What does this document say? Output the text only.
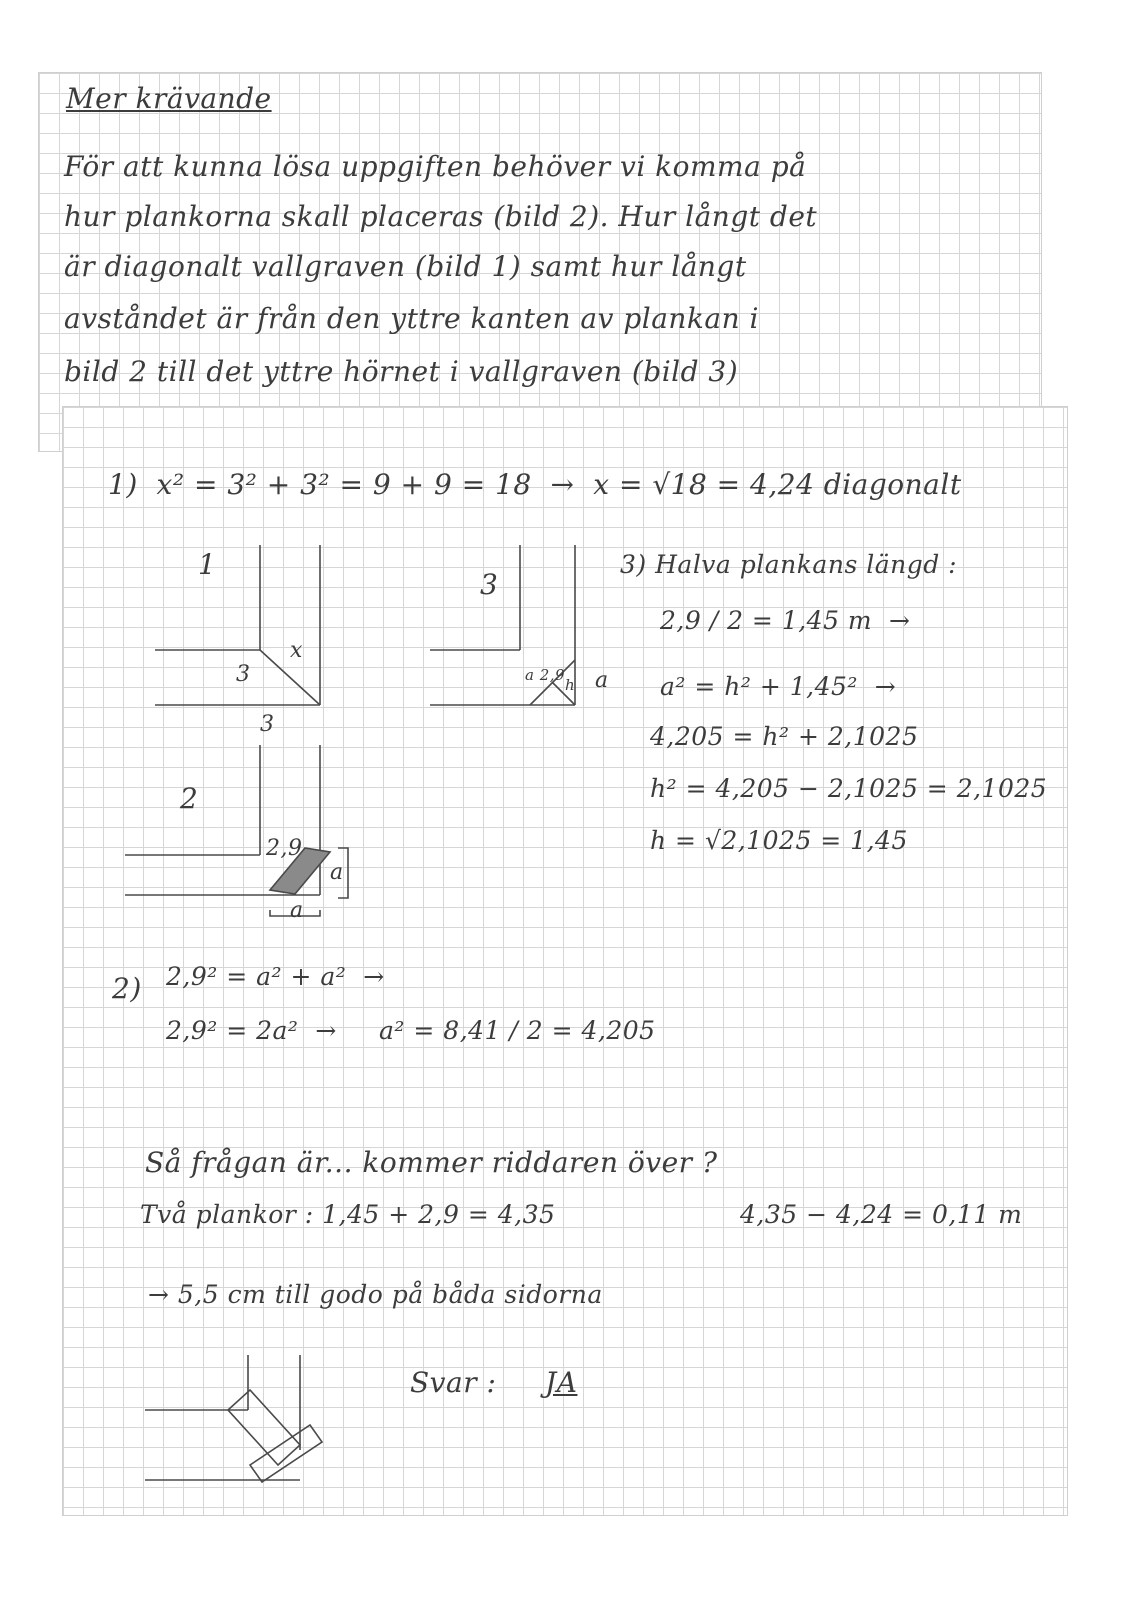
Mer krävande
För att kunna lösa uppgiften behöver vi komma på
hur plankorna skall placeras (bild 2). Hur långt det
är diagonalt vallgraven (bild 1) samt hur långt
avståndet är från den yttre kanten av plankan i
bild 2 till det yttre hörnet i vallgraven (bild 3)
1)  x² = 3² + 3² = 9 + 9 = 18  →  x = √18 = 4,24 diagonalt
1
3
x
3
2
2,9
a
a
3
a 2,9
h a
3) Halva plankans längd :
2,9 / 2 = 1,45 m  →
a² = h² + 1,45²  →
4,205 = h² + 2,1025
h² = 4,205 − 2,1025 = 2,1025
h = √2,1025 = 1,45
2) 2,9² = a² + a²  →
2,9² = 2a²  →     a² = 8,41 / 2 = 4,205
Så frågan är... kommer riddaren över ?
Två plankor : 1,45 + 2,9 = 4,35	4,35 − 4,24 = 0,11 m
→ 5,5 cm till godo på båda sidorna
Svar : JA
